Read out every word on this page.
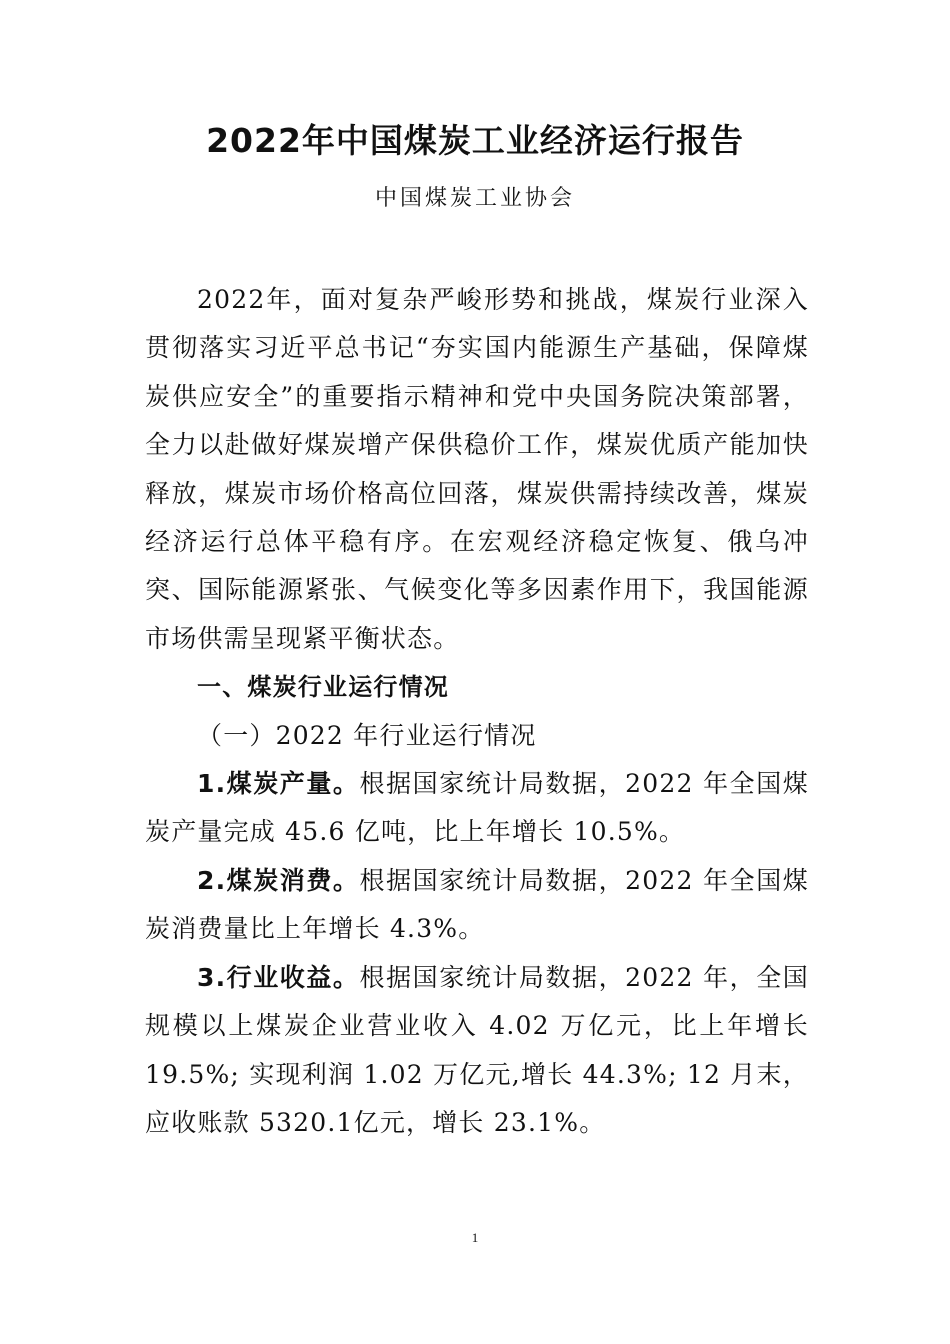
2022年中国煤炭工业经济运行报告
中国煤炭工业协会

2022年，面对复杂严峻形势和挑战，煤炭行业深入贯彻落实习近平总书记“夯实国内能源生产基础，保障煤炭供应安全”的重要指示精神和党中央国务院决策部署，全力以赴做好煤炭增产保供稳价工作，煤炭优质产能加快释放，煤炭市场价格高位回落，煤炭供需持续改善，煤炭经济运行总体平稳有序。在宏观经济稳定恢复、俄乌冲突、国际能源紧张、气候变化等多因素作用下，我国能源市场供需呈现紧平衡状态。

一、煤炭行业运行情况

（一）2022 年行业运行情况

1.煤炭产量。根据国家统计局数据，2022 年全国煤炭产量完成 45.6 亿吨，比上年增长 10.5%。

2.煤炭消费。根据国家统计局数据，2022 年全国煤炭消费量比上年增长 4.3%。

3.行业收益。根据国家统计局数据，2022 年，全国规模以上煤炭企业营业收入 4.02 万亿元，比上年增长 19.5%; 实现利润 1.02 万亿元,增长 44.3%; 12 月末，应收账款 5320.1亿元，增长 23.1%。

1
